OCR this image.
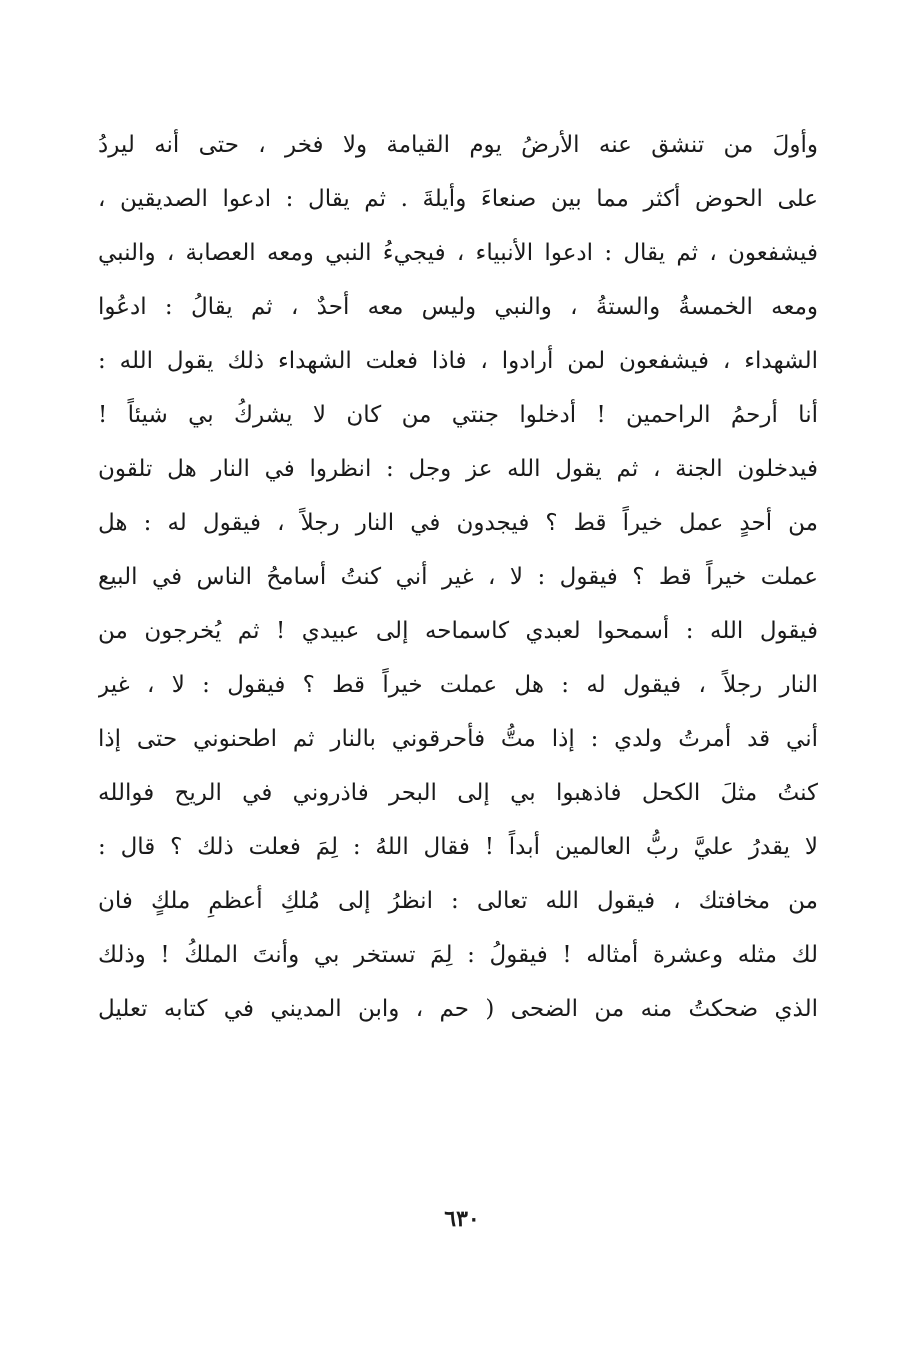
وأولَ من تنشق عنه الأرضُ يوم القيامة ولا فخر ، حتى أنه ليردُ
على الحوض أكثر مما بين صنعاءَ وأيلةَ . ثم يقال : ادعوا الصديقين ،
فيشفعون ، ثم يقال : ادعوا الأنبياء ، فيجيءُ النبي ومعه العصابة ، والنبي
ومعه الخمسةُ والستةُ ، والنبي وليس معه أحدٌ ، ثم يقالُ : ادعُوا
الشهداء ، فيشفعون لمن أرادوا ، فاذا فعلت الشهداء ذلك يقول الله :
أنا أرحمُ الراحمين ! أدخلوا جنتي من كان لا يشركُ بي شيئاً !
فيدخلون الجنة ، ثم يقول الله عز وجل : انظروا في النار هل تلقون
من أحدٍ عمل خيراً قط ؟ فيجدون في النار رجلاً ، فيقول له : هل
عملت خيراً قط ؟ فيقول : لا ، غير أني كنتُ أسامحُ الناس في البيع
فيقول الله : أسمحوا لعبدي كاسماحه إلى عبيدي ! ثم يُخرجون من
النار رجلاً ، فيقول له : هل عملت خيراً قط ؟ فيقول : لا ، غير
أني قد أمرتُ ولدي : إذا متُّ فأحرقوني بالنار ثم اطحنوني حتى إذا
كنتُ مثلَ الكحل فاذهبوا بي إلى البحر فاذروني في الريح فوالله
لا يقدرُ عليَّ ربُّ العالمين أبداً ! فقال اللهُ : لِمَ فعلت ذلك ؟ قال :
من مخافتك ، فيقول الله تعالى : انظرُ إلى مُلكِ أعظمِ ملكٍ فان
لك مثله وعشرة أمثاله ! فيقولُ : لِمَ تستخر بي وأنتَ الملكُ ! وذلك
الذي ضحكتُ منه من الضحى ( حم ، وابن المديني في كتابه تعليل
٦٣٠
